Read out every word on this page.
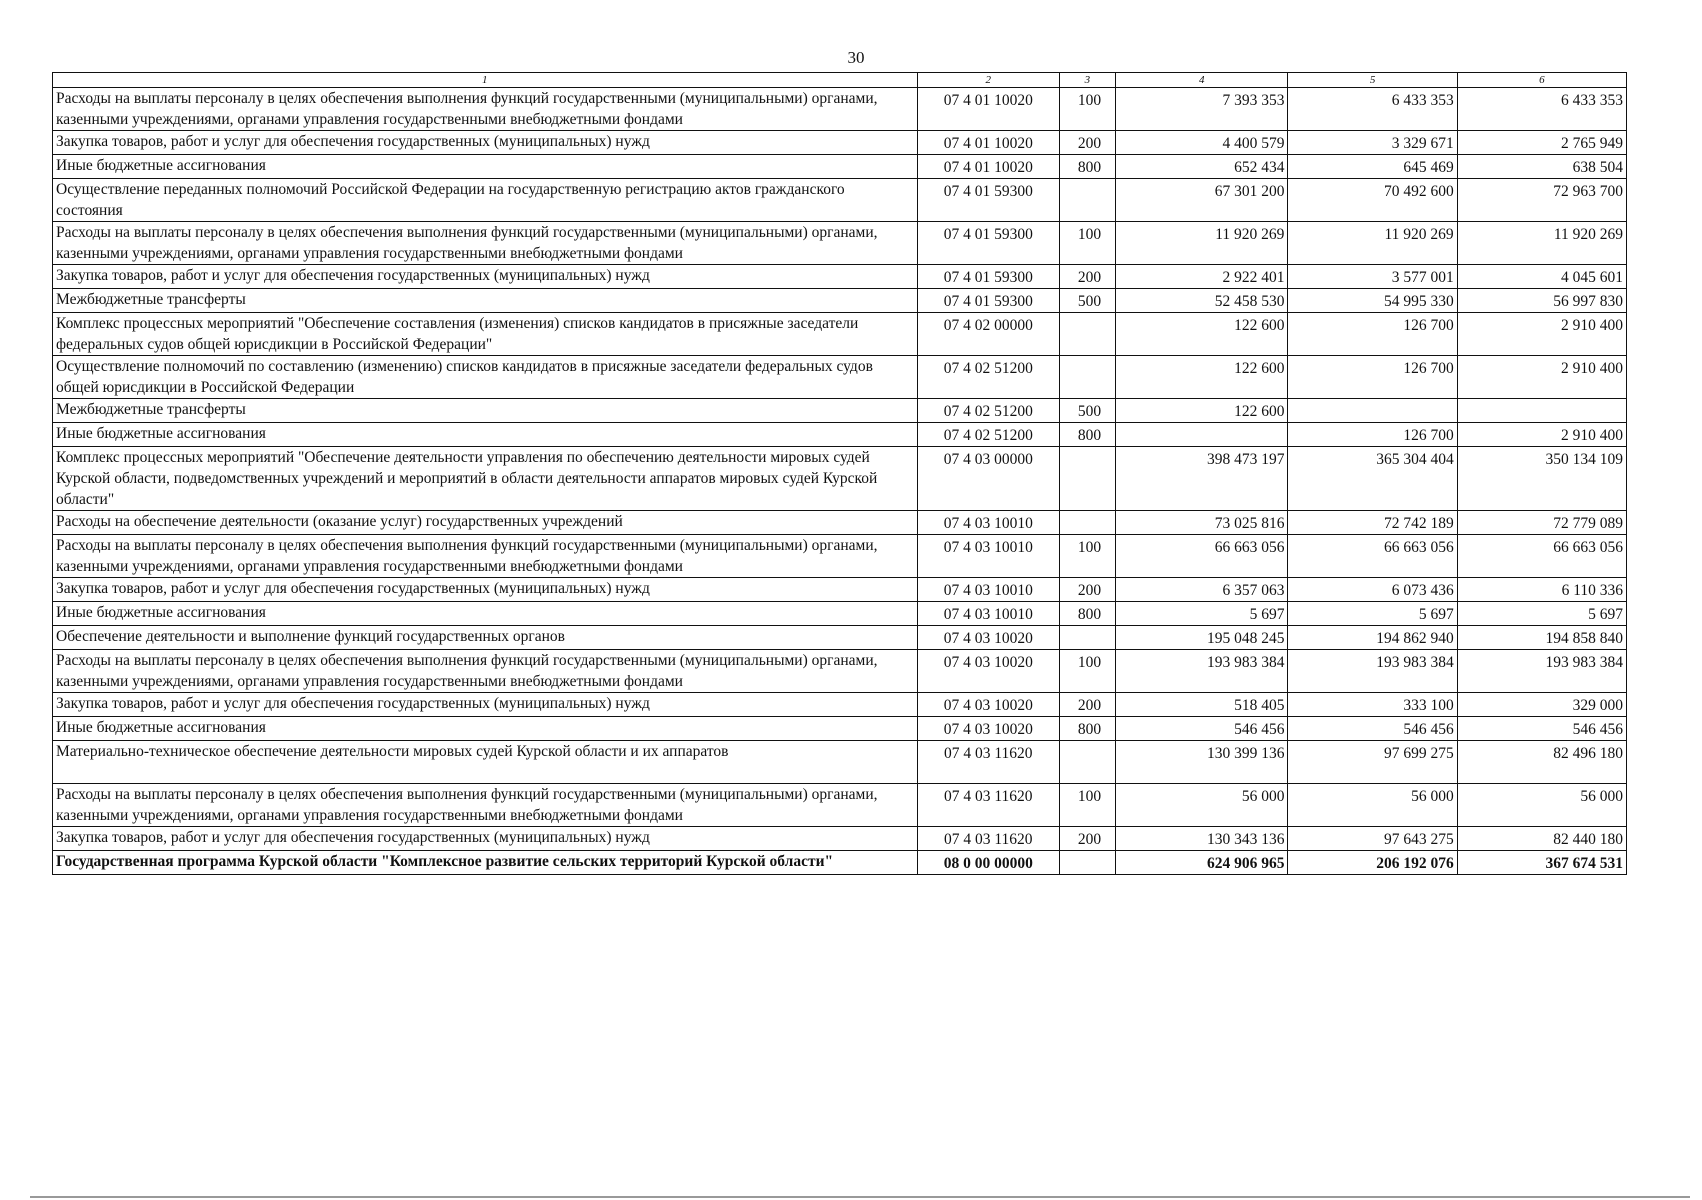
30
1	2	3	4	5	6
Расходы на выплаты персоналу в целях обеспечения выполнения функций государственными (муниципальными) органами, казенными учреждениями, органами управления государственными внебюджетными фондами	07 4 01 10020	100	7 393 353	6 433 353	6 433 353
Закупка товаров, работ и услуг для обеспечения государственных (муниципальных) нужд	07 4 01 10020	200	4 400 579	3 329 671	2 765 949
Иные бюджетные ассигнования	07 4 01 10020	800	652 434	645 469	638 504
Осуществление переданных полномочий Российской Федерации на государственную регистрацию актов гражданского состояния	07 4 01 59300		67 301 200	70 492 600	72 963 700
Расходы на выплаты персоналу в целях обеспечения выполнения функций государственными (муниципальными) органами, казенными учреждениями, органами управления государственными внебюджетными фондами	07 4 01 59300	100	11 920 269	11 920 269	11 920 269
Закупка товаров, работ и услуг для обеспечения государственных (муниципальных) нужд	07 4 01 59300	200	2 922 401	3 577 001	4 045 601
Межбюджетные трансферты	07 4 01 59300	500	52 458 530	54 995 330	56 997 830
Комплекс процессных мероприятий "Обеспечение составления (изменения) списков кандидатов в присяжные заседатели федеральных судов общей юрисдикции в Российской Федерации"	07 4 02 00000		122 600	126 700	2 910 400
Осуществление полномочий по составлению (изменению) списков кандидатов в присяжные заседатели федеральных судов общей юрисдикции в Российской Федерации	07 4 02 51200		122 600	126 700	2 910 400
Межбюджетные трансферты	07 4 02 51200	500	122 600		
Иные бюджетные ассигнования	07 4 02 51200	800		126 700	2 910 400
Комплекс процессных мероприятий "Обеспечение деятельности управления по обеспечению деятельности мировых судей Курской области, подведомственных учреждений и мероприятий в области деятельности аппаратов мировых судей Курской области"	07 4 03 00000		398 473 197	365 304 404	350 134 109
Расходы на обеспечение деятельности (оказание услуг) государственных учреждений	07 4 03 10010		73 025 816	72 742 189	72 779 089
Расходы на выплаты персоналу в целях обеспечения выполнения функций государственными (муниципальными) органами, казенными учреждениями, органами управления государственными внебюджетными фондами	07 4 03 10010	100	66 663 056	66 663 056	66 663 056
Закупка товаров, работ и услуг для обеспечения государственных (муниципальных) нужд	07 4 03 10010	200	6 357 063	6 073 436	6 110 336
Иные бюджетные ассигнования	07 4 03 10010	800	5 697	5 697	5 697
Обеспечение деятельности и выполнение функций государственных органов	07 4 03 10020		195 048 245	194 862 940	194 858 840
Расходы на выплаты персоналу в целях обеспечения выполнения функций государственными (муниципальными) органами, казенными учреждениями, органами управления государственными внебюджетными фондами	07 4 03 10020	100	193 983 384	193 983 384	193 983 384
Закупка товаров, работ и услуг для обеспечения государственных (муниципальных) нужд	07 4 03 10020	200	518 405	333 100	329 000
Иные бюджетные ассигнования	07 4 03 10020	800	546 456	546 456	546 456
Материально-техническое обеспечение деятельности мировых судей Курской области и их аппаратов	07 4 03 11620		130 399 136	97 699 275	82 496 180
Расходы на выплаты персоналу в целях обеспечения выполнения функций государственными (муниципальными) органами, казенными учреждениями, органами управления государственными внебюджетными фондами	07 4 03 11620	100	56 000	56 000	56 000
Закупка товаров, работ и услуг для обеспечения государственных (муниципальных) нужд	07 4 03 11620	200	130 343 136	97 643 275	82 440 180
Государственная программа Курской области "Комплексное развитие сельских территорий Курской области"	08 0 00 00000		624 906 965	206 192 076	367 674 531
